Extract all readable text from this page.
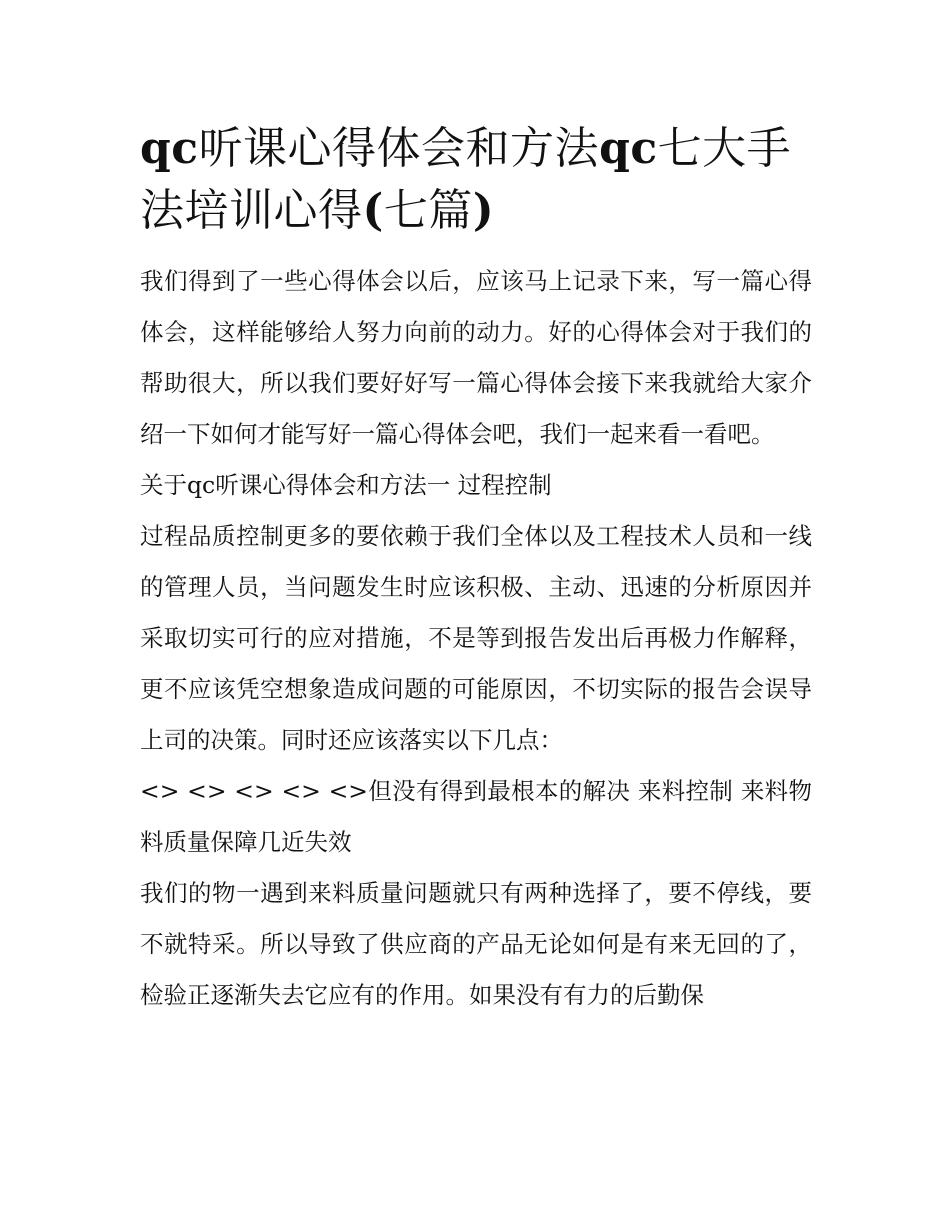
qc听课心得体会和方法qc七大手法培训心得(七篇)

我们得到了一些心得体会以后，应该马上记录下来，写一篇心得体会，这样能够给人努力向前的动力。好的心得体会对于我们的帮助很大，所以我们要好好写一篇心得体会接下来我就给大家介绍一下如何才能写好一篇心得体会吧，我们一起来看一看吧。

关于qc听课心得体会和方法一 过程控制

过程品质控制更多的要依赖于我们全体以及工程技术人员和一线的管理人员，当问题发生时应该积极、主动、迅速的分析原因并采取切实可行的应对措施，不是等到报告发出后再极力作解释，更不应该凭空想象造成问题的可能原因，不切实际的报告会误导上司的决策。同时还应该落实以下几点：

<> <> <> <> <>但没有得到最根本的解决 来料控制 来料物料质量保障几近失效

我们的物一遇到来料质量问题就只有两种选择了，要不停线，要不就特采。所以导致了供应商的产品无论如何是有来无回的了，检验正逐渐失去它应有的作用。如果没有有力的后勤保
